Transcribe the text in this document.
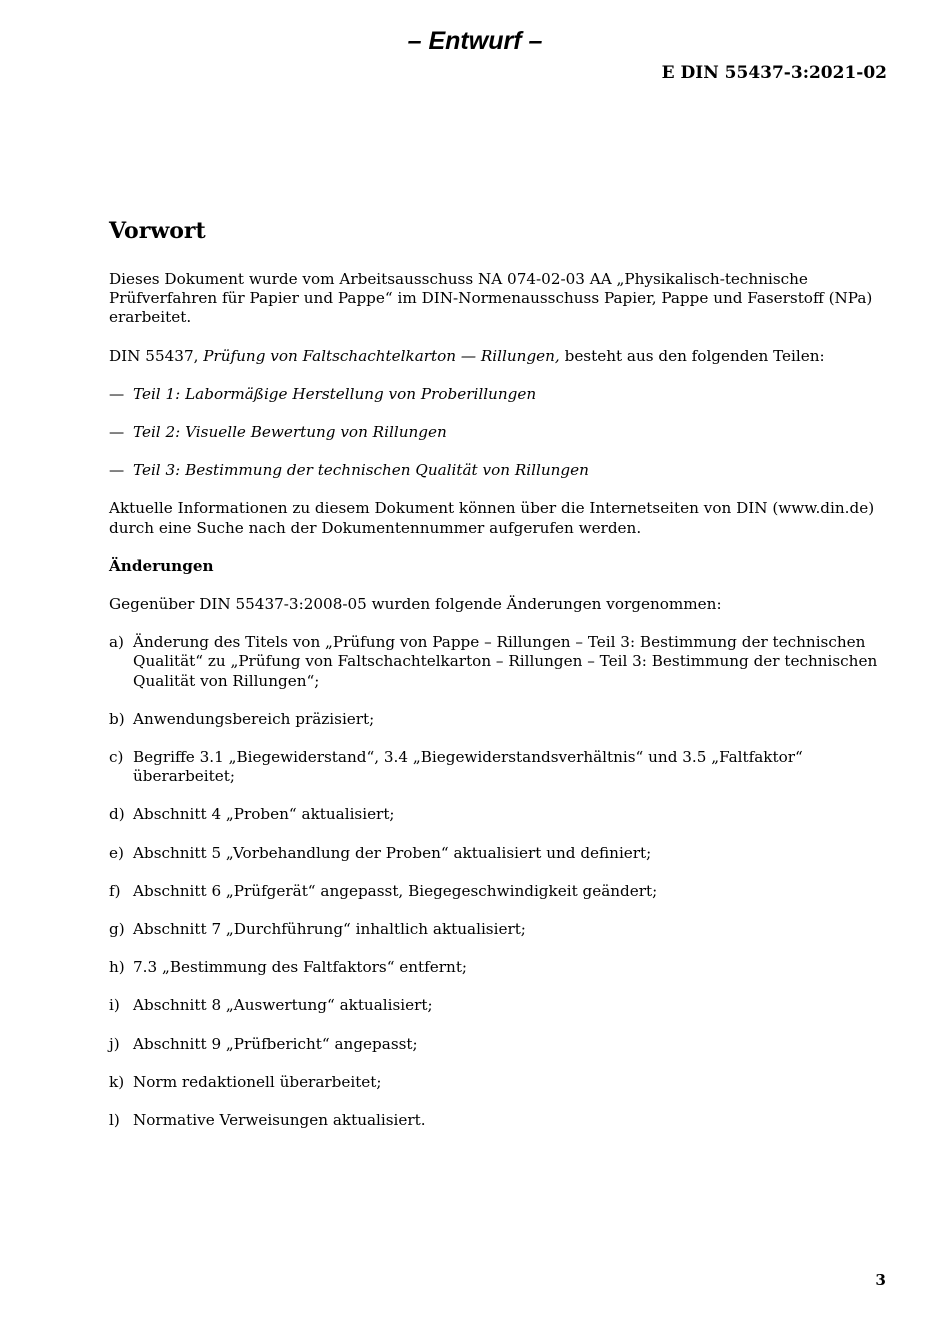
– Entwurf –
E DIN 55437-3:2021-02
Vorwort

Dieses Dokument wurde vom Arbeitsausschuss NA 074-02-03 AA „Physikalisch-technische Prüfverfahren für Papier und Pappe“ im DIN-Normenausschuss Papier, Pappe und Faserstoff (NPa) erarbeitet.

DIN 55437, Prüfung von Faltschachtelkarton — Rillungen, besteht aus den folgenden Teilen:

— Teil 1: Labormäßige Herstellung von Proberillungen
— Teil 2: Visuelle Bewertung von Rillungen
— Teil 3: Bestimmung der technischen Qualität von Rillungen

Aktuelle Informationen zu diesem Dokument können über die Internetseiten von DIN (www.din.de) durch eine Suche nach der Dokumentennummer aufgerufen werden.

Änderungen

Gegenüber DIN 55437-3:2008-05 wurden folgende Änderungen vorgenommen:

a) Änderung des Titels von „Prüfung von Pappe – Rillungen – Teil 3: Bestimmung der technischen Qualität“ zu „Prüfung von Faltschachtelkarton – Rillungen – Teil 3: Bestimmung der technischen Qualität von Rillungen“;
b) Anwendungsbereich präzisiert;
c) Begriffe 3.1 „Biegewiderstand“, 3.4 „Biegewiderstandsverhältnis“ und 3.5 „Faltfaktor“ überarbeitet;
d) Abschnitt 4 „Proben“ aktualisiert;
e) Abschnitt 5 „Vorbehandlung der Proben“ aktualisiert und definiert;
f) Abschnitt 6 „Prüfgerät“ angepasst, Biegegeschwindigkeit geändert;
g) Abschnitt 7 „Durchführung“ inhaltlich aktualisiert;
h) 7.3 „Bestimmung des Faltfaktors“ entfernt;
i) Abschnitt 8 „Auswertung“ aktualisiert;
j) Abschnitt 9 „Prüfbericht“ angepasst;
k) Norm redaktionell überarbeitet;
l) Normative Verweisungen aktualisiert.
3
